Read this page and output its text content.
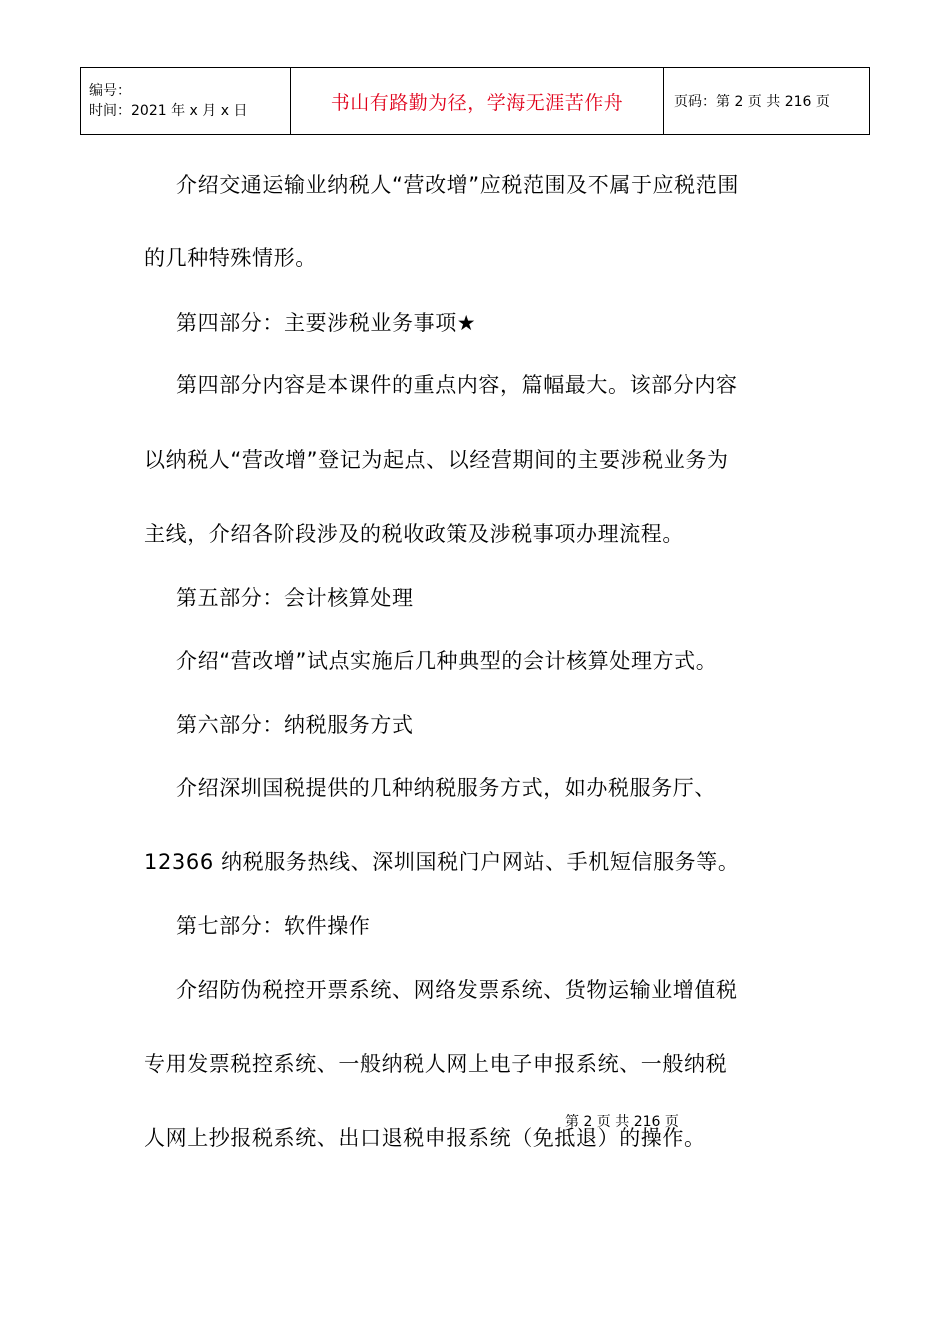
编号：
时间：2021 年 x 月 x 日	书山有路勤为径，学海无涯苦作舟	页码：第 2 页 共 216 页
介绍交通运输业纳税人“营改增”应税范围及不属于应税范围
的几种特殊情形。
第四部分：主要涉税业务事项★
第四部分内容是本课件的重点内容，篇幅最大。该部分内容
以纳税人“营改增”登记为起点、以经营期间的主要涉税业务为
主线，介绍各阶段涉及的税收政策及涉税事项办理流程。
第五部分：会计核算处理
介绍“营改增”试点实施后几种典型的会计核算处理方式。
第六部分：纳税服务方式
介绍深圳国税提供的几种纳税服务方式，如办税服务厅、
12366 纳税服务热线、深圳国税门户网站、手机短信服务等。
第七部分：软件操作
介绍防伪税控开票系统、网络发票系统、货物运输业增值税
专用发票税控系统、一般纳税人网上电子申报系统、一般纳税
人网上抄报税系统、出口退税申报系统（免抵退）的操作。
第 2 页 共 216 页
